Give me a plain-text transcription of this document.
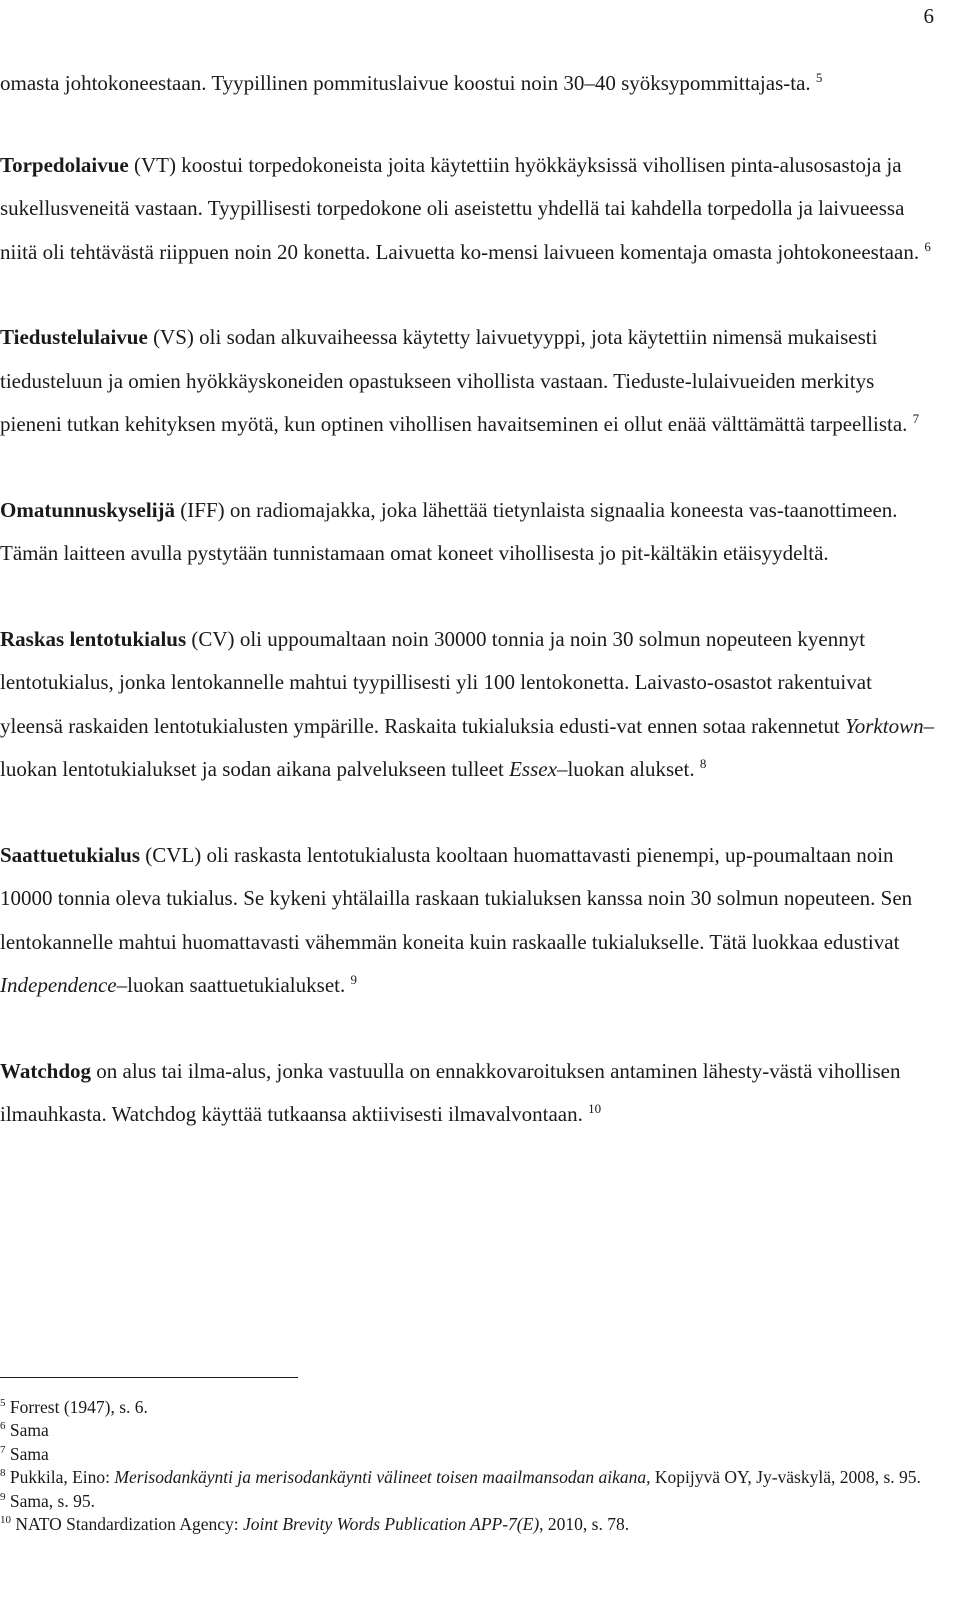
6

omasta johtokoneestaan. Tyypillinen pommituslaivue koostui noin 30–40 syöksypommittajas-ta. $^5$

Torpedolaivue (VT) koostui torpedokoneista joita käytettiin hyökkäyksissä vihollisen pinta-alusosastoja ja sukellusveneitä vastaan. Tyypillisesti torpedokone oli aseistettu yhdellä tai kahdella torpedolla ja laivueessa niitä oli tehtävästä riippuen noin 20 konetta. Laivuetta ko-mensi laivueen komentaja omasta johtokoneestaan. $^6$

Tiedustelulaivue (VS) oli sodan alkuvaiheessa käytetty laivuetyyppi, jota käytettiin nimensä mukaisesti tiedusteluun ja omien hyökkäyskoneiden opastukseen vihollista vastaan. Tieduste-lulaivueiden merkitys pieneni tutkan kehityksen myötä, kun optinen vihollisen havaitseminen ei ollut enää välttämättä tarpeellista. $^7$

Omatunnuskyselijä (IFF) on radiomajakka, joka lähettää tietynlaista signaalia koneesta vas-taanottimeen. Tämän laitteen avulla pystytään tunnistamaan omat koneet vihollisesta jo pit-kältäkin etäisyydeltä.

Raskas lentotukialus (CV) oli uppoumaltaan noin 30000 tonnia ja noin 30 solmun nopeuteen kyennyt lentotukialus, jonka lentokannelle mahtui tyypillisesti yli 100 lentokonetta. Laivasto-osastot rakentuivat yleensä raskaiden lentotukialusten ympärille. Raskaita tukialuksia edusti-vat ennen sotaa rakennetut Yorktown–luokan lentotukialukset ja sodan aikana palvelukseen tulleet Essex–luokan alukset. $^8$

Saattuetukialus (CVL) oli raskasta lentotukialusta kooltaan huomattavasti pienempi, up-poumaltaan noin 10000 tonnia oleva tukialus. Se kykeni yhtälailla raskaan tukialuksen kanssa noin 30 solmun nopeuteen. Sen lentokannelle mahtui huomattavasti vähemmän koneita kuin raskaalle tukialukselle. Tätä luokkaa edustivat Independence–luokan saattuetukialukset. $^9$

Watchdog on alus tai ilma-alus, jonka vastuulla on ennakkovaroituksen antaminen lähesty-västä vihollisen ilmauhkasta. Watchdog käyttää tutkaansa aktiivisesti ilmavalvontaan. $^{10}$

$^5$ Forrest (1947), s. 6.

$^6$ Sama

$^7$ Sama

$^8$ Pukkila, Eino: Merisodankäynti ja merisodankäynti välineet toisen maailmansodan aikana, Kopijyvä OY, Jy-väskylä, 2008, s. 95.

$^9$ Sama, s. 95.

$^{10}$ NATO Standardization Agency: Joint Brevity Words Publication APP-7(E), 2010, s. 78.
